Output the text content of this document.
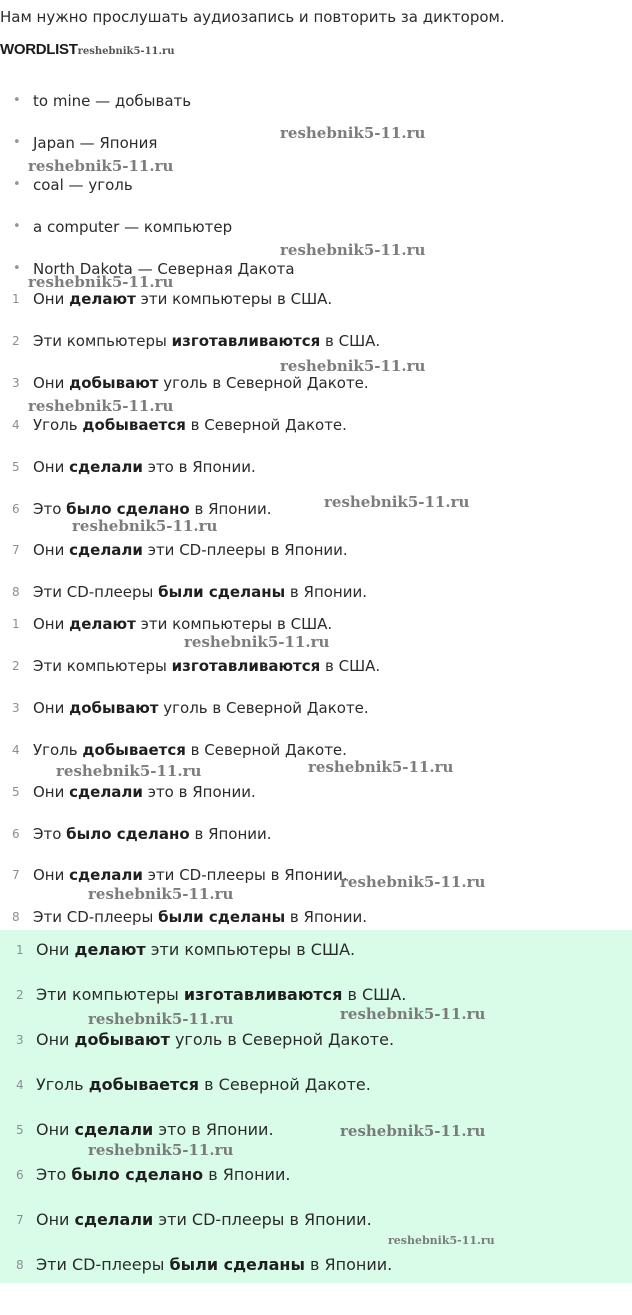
Нам нужно прослушать аудиозапись и повторить за диктором.
WORDLISTreshebnik5-11.ru
• to mine — добывать
• Japan — Япония
• coal — уголь
• a computer — компьютер
• North Dakota — Северная Дакота
1 Они делают эти компьютеры в США.
2 Эти компьютеры изготавливаются в США.
3 Они добывают уголь в Северной Дакоте.
4 Уголь добывается в Северной Дакоте.
5 Они сделали это в Японии.
6 Это было сделано в Японии.
7 Они сделали эти CD-плееры в Японии.
8 Эти CD-плееры были сделаны в Японии.
1 Они делают эти компьютеры в США.
2 Эти компьютеры изготавливаются в США.
3 Они добывают уголь в Северной Дакоте.
4 Уголь добывается в Северной Дакоте.
5 Они сделали это в Японии.
6 Это было сделано в Японии.
7 Они сделали эти CD-плееры в Японии.
8 Эти CD-плееры были сделаны в Японии.
1 Они делают эти компьютеры в США.
2 Эти компьютеры изготавливаются в США.
3 Они добывают уголь в Северной Дакоте.
4 Уголь добывается в Северной Дакоте.
5 Они сделали это в Японии.
6 Это было сделано в Японии.
7 Они сделали эти CD-плееры в Японии.
8 Эти CD-плееры были сделаны в Японии.
reshebnik5-11.ru
reshebnik5-11.ru
reshebnik5-11.ru
reshebnik5-11.ru
reshebnik5-11.ru
reshebnik5-11.ru
reshebnik5-11.ru
reshebnik5-11.ru
reshebnik5-11.ru
reshebnik5-11.ru	reshebnik5-11.ru
reshebnik5-11.ru
reshebnik5-11.ru
reshebnik5-11.ru
reshebnik5-11.ru
reshebnik5-11.ru
reshebnik5-11.ru
reshebnik5-11.ru
